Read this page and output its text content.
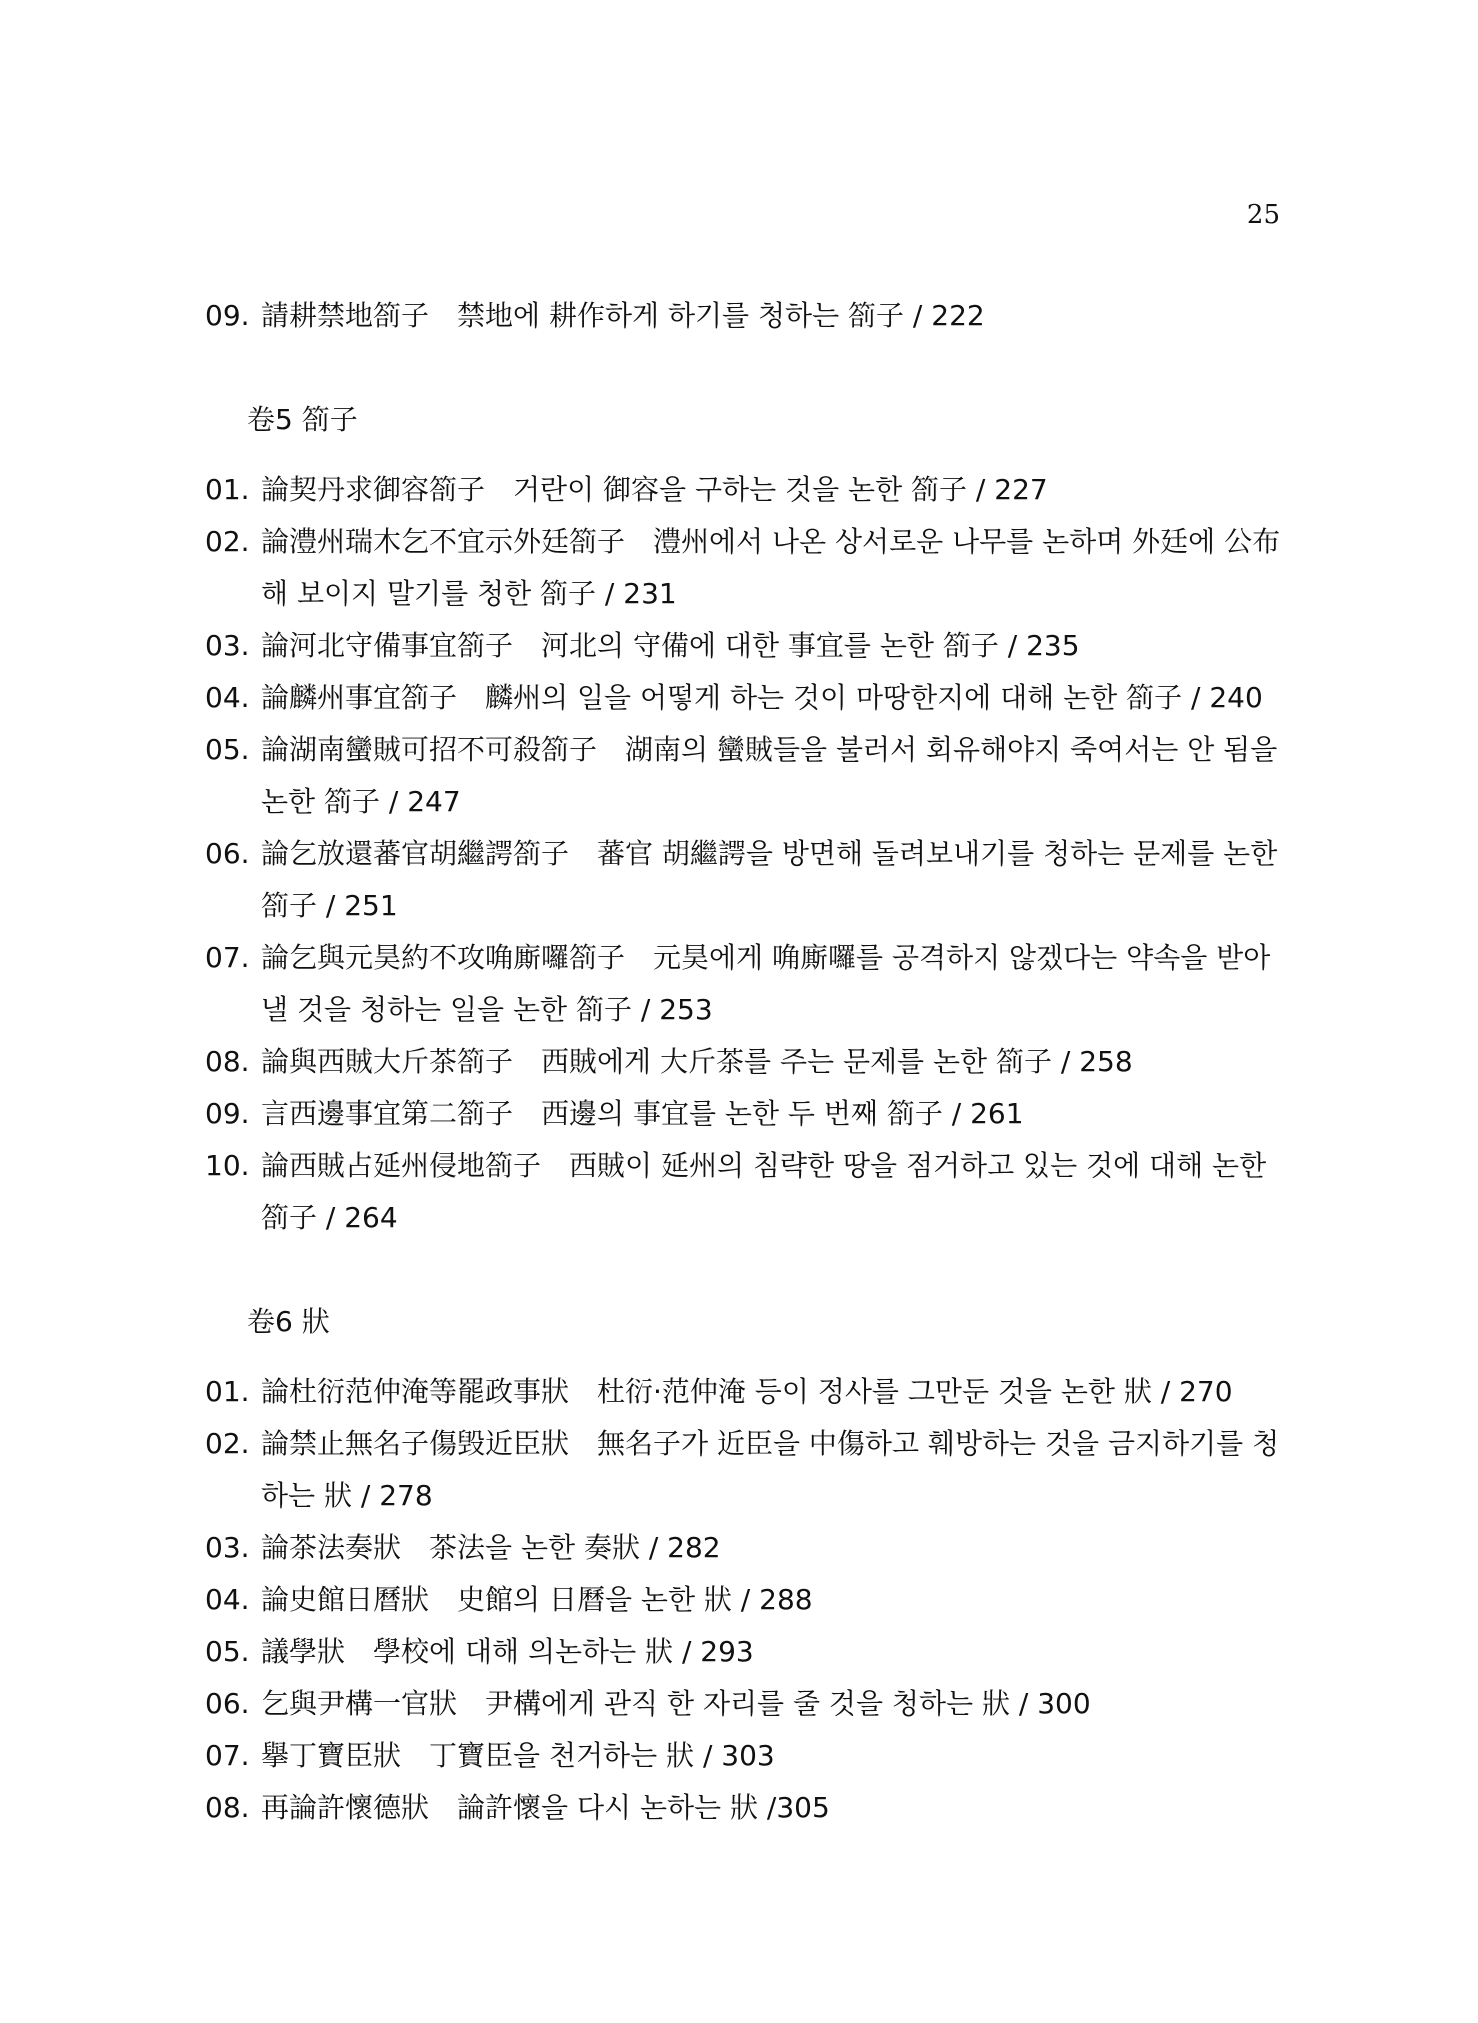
25
09. 請耕禁地箚子　禁地에 耕作하게 하기를 청하는 箚子 / 222
卷5 箚子
01. 論契丹求御容箚子　거란이 御容을 구하는 것을 논한 箚子 / 227
02. 論澧州瑞木乞不宜示外廷箚子　澧州에서 나온 상서로운 나무를 논하며 外廷에 公布해 보이지 말기를 청한 箚子 / 231
03. 論河北守備事宜箚子　河北의 守備에 대한 事宜를 논한 箚子 / 235
04. 論麟州事宜箚子　麟州의 일을 어떻게 하는 것이 마땅한지에 대해 논한 箚子 / 240
05. 論湖南蠻賊可招不可殺箚子　湖南의 蠻賊들을 불러서 회유해야지 죽여서는 안 됨을 논한 箚子 / 247
06. 論乞放還蕃官胡繼諤箚子　蕃官 胡繼諤을 방면해 돌려보내기를 청하는 문제를 논한 箚子 / 251
07. 論乞與元昊約不攻唃廝囉箚子　元昊에게 唃廝囉를 공격하지 않겠다는 약속을 받아낼 것을 청하는 일을 논한 箚子 / 253
08. 論與西賊大斤茶箚子　西賊에게 大斤茶를 주는 문제를 논한 箚子 / 258
09. 言西邊事宜第二箚子　西邊의 事宜를 논한 두 번째 箚子 / 261
10. 論西賊占延州侵地箚子　西賊이 延州의 침략한 땅을 점거하고 있는 것에 대해 논한 箚子 / 264
卷6 狀
01. 論杜衍范仲淹等罷政事狀　杜衍·范仲淹 등이 정사를 그만둔 것을 논한 狀 / 270
02. 論禁止無名子傷毁近臣狀　無名子가 近臣을 中傷하고 훼방하는 것을 금지하기를 청하는 狀 / 278
03. 論茶法奏狀　茶法을 논한 奏狀 / 282
04. 論史館日曆狀　史館의 日曆을 논한 狀 / 288
05. 議學狀　學校에 대해 의논하는 狀 / 293
06. 乞與尹構一官狀　尹構에게 관직 한 자리를 줄 것을 청하는 狀 / 300
07. 擧丁寶臣狀　丁寶臣을 천거하는 狀 / 303
08. 再論許懷德狀　論許懷을 다시 논하는 狀 /305
